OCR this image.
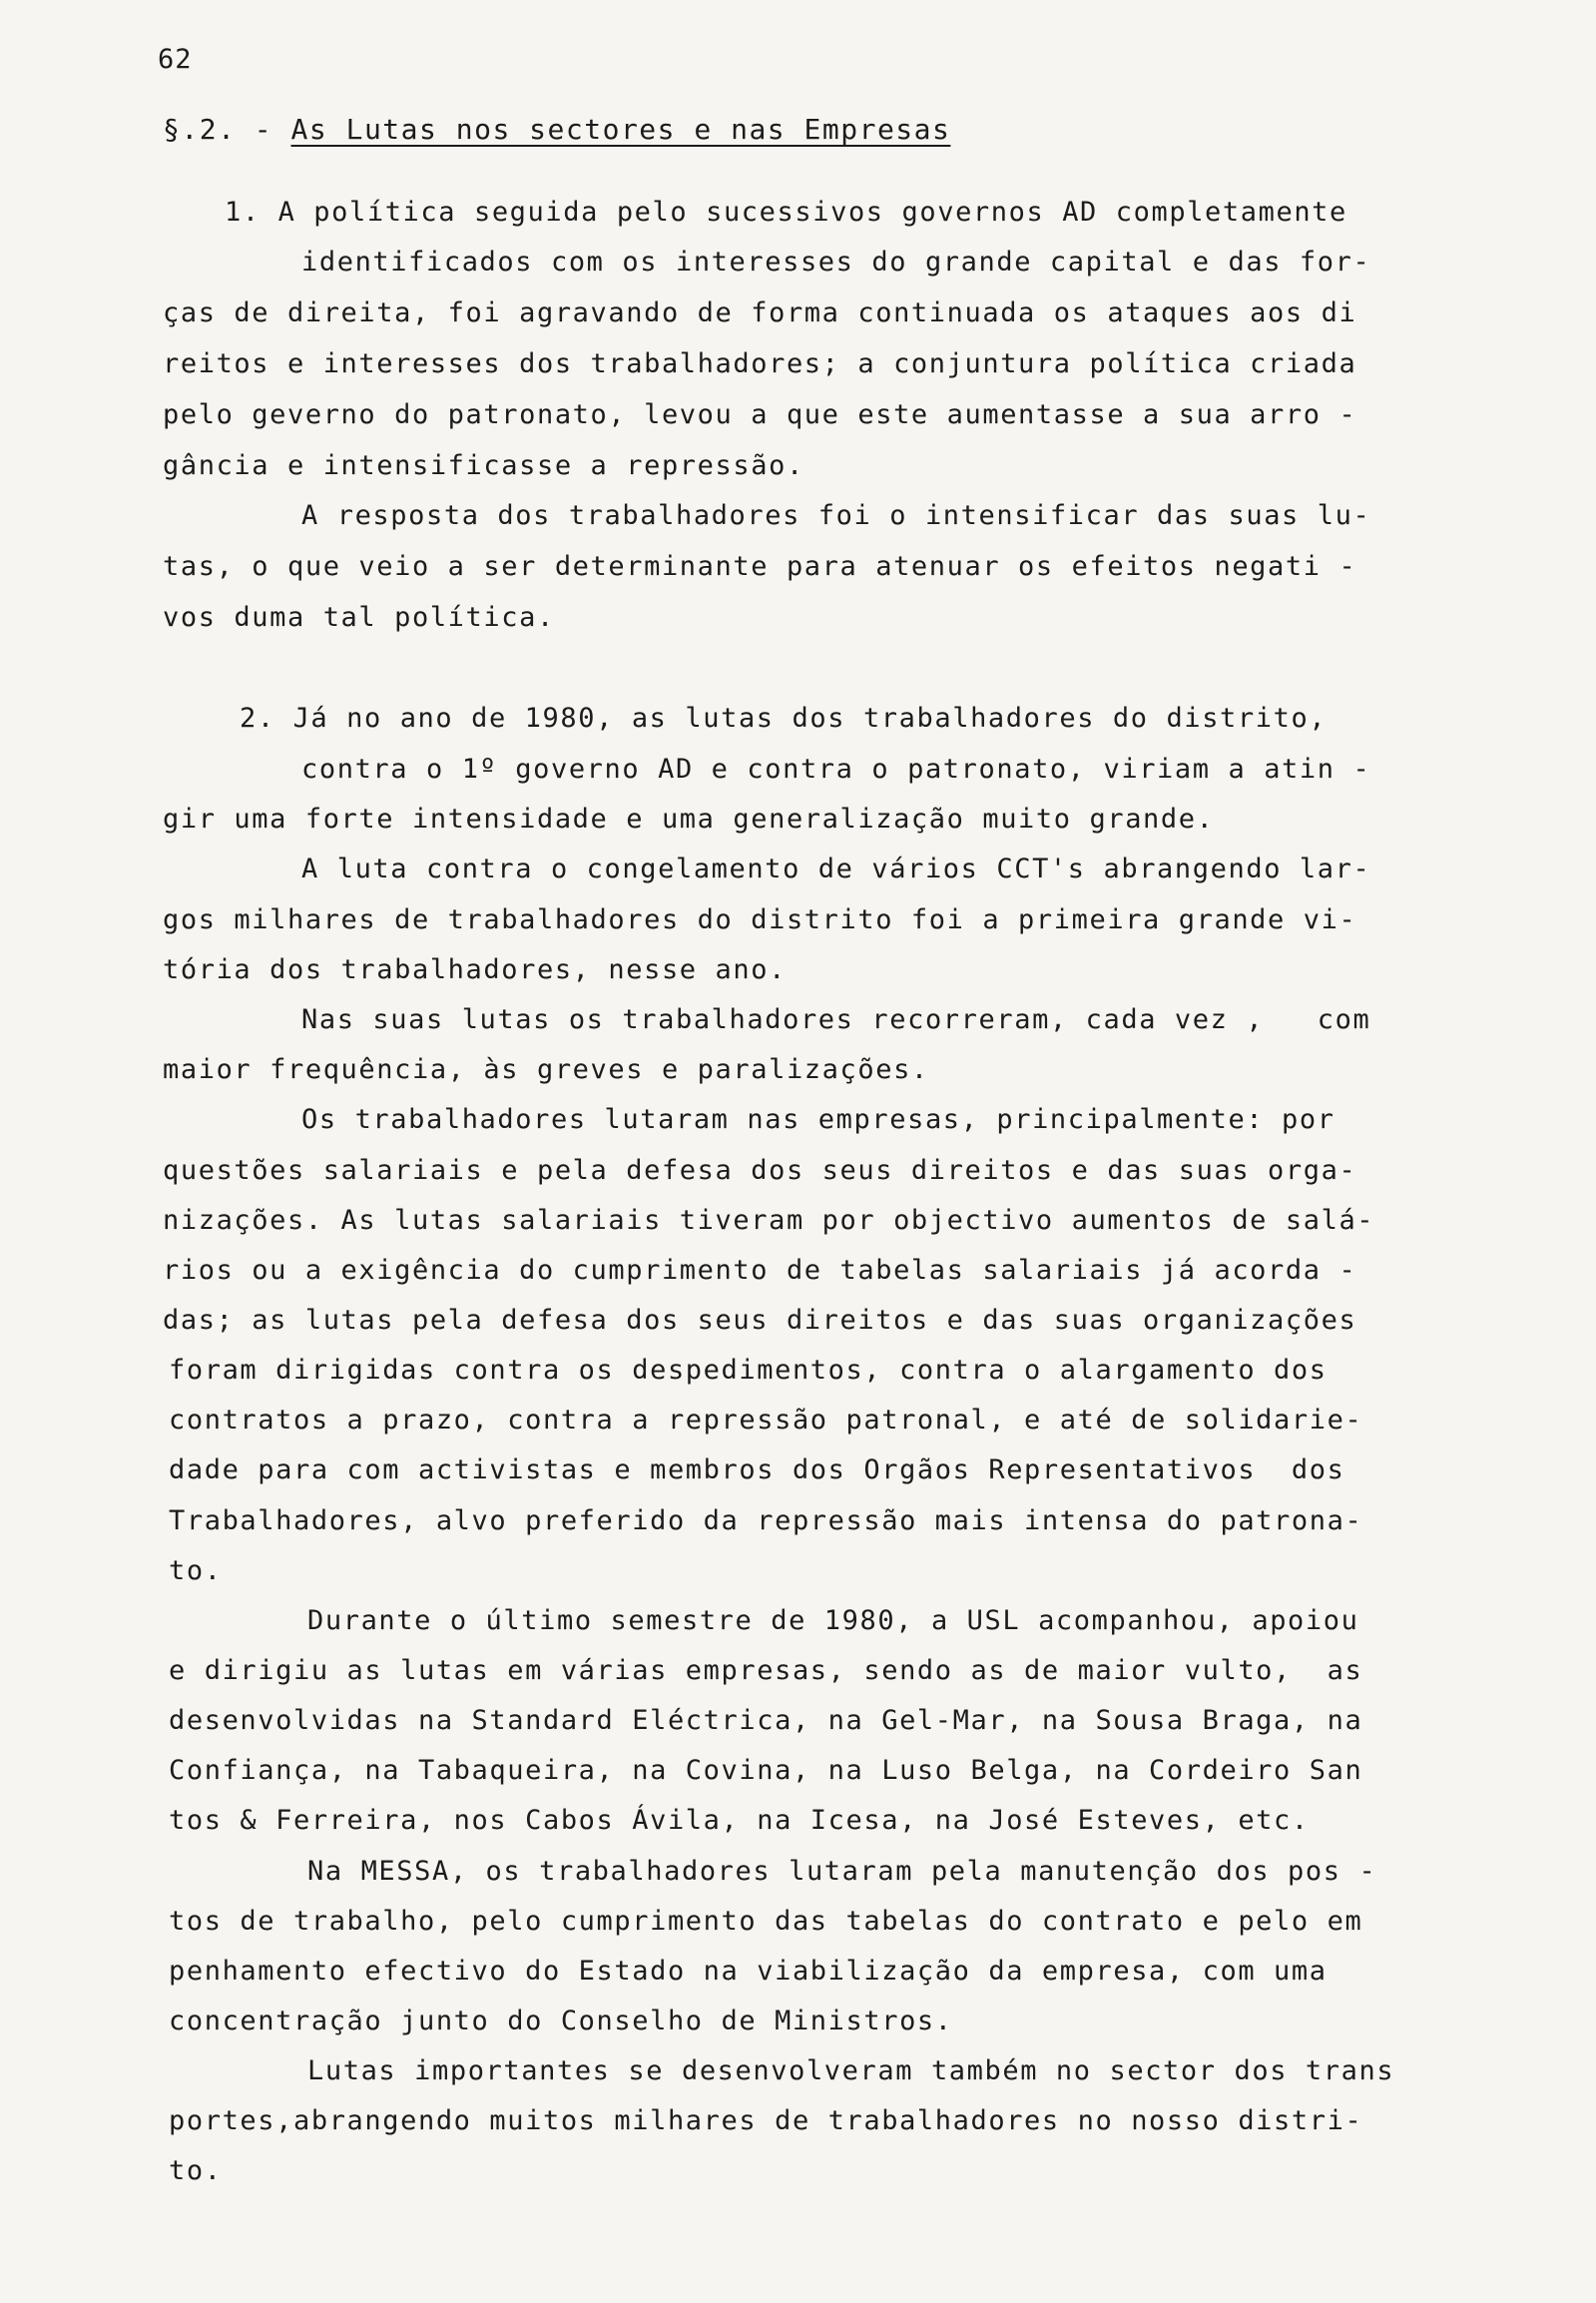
62
§.2. - As Lutas nos sectores e nas Empresas
1. A política seguida pelo sucessivos governos AD completamente
identificados com os interesses do grande capital e das for-
ças de direita, foi agravando de forma continuada os ataques aos di
reitos e interesses dos trabalhadores; a conjuntura política criada
pelo geverno do patronato, levou a que este aumentasse a sua arro -
gância e intensificasse a repressão.
A resposta dos trabalhadores foi o intensificar das suas lu-
tas, o que veio a ser determinante para atenuar os efeitos negati -
vos duma tal política.
2. Já no ano de 1980, as lutas dos trabalhadores do distrito,
contra o 1º governo AD e contra o patronato, viriam a atin -
gir uma forte intensidade e uma generalização muito grande.
A luta contra o congelamento de vários CCT's abrangendo lar-
gos milhares de trabalhadores do distrito foi a primeira grande vi-
tória dos trabalhadores, nesse ano.
Nas suas lutas os trabalhadores recorreram, cada vez ,   com
maior frequência, às greves e paralizações.
Os trabalhadores lutaram nas empresas, principalmente: por
questões salariais e pela defesa dos seus direitos e das suas orga-
nizações. As lutas salariais tiveram por objectivo aumentos de salá-
rios ou a exigência do cumprimento de tabelas salariais já acorda -
das; as lutas pela defesa dos seus direitos e das suas organizações
foram dirigidas contra os despedimentos, contra o alargamento dos
contratos a prazo, contra a repressão patronal, e até de solidarie-
dade para com activistas e membros dos Orgãos Representativos  dos
Trabalhadores, alvo preferido da repressão mais intensa do patrona-
to.
Durante o último semestre de 1980, a USL acompanhou, apoiou
e dirigiu as lutas em várias empresas, sendo as de maior vulto,  as
desenvolvidas na Standard Eléctrica, na Gel-Mar, na Sousa Braga, na
Confiança, na Tabaqueira, na Covina, na Luso Belga, na Cordeiro San
tos & Ferreira, nos Cabos Ávila, na Icesa, na José Esteves, etc.
Na MESSA, os trabalhadores lutaram pela manutenção dos pos -
tos de trabalho, pelo cumprimento das tabelas do contrato e pelo em
penhamento efectivo do Estado na viabilização da empresa, com uma
concentração junto do Conselho de Ministros.
Lutas importantes se desenvolveram também no sector dos trans
portes,abrangendo muitos milhares de trabalhadores no nosso distri-
to.
